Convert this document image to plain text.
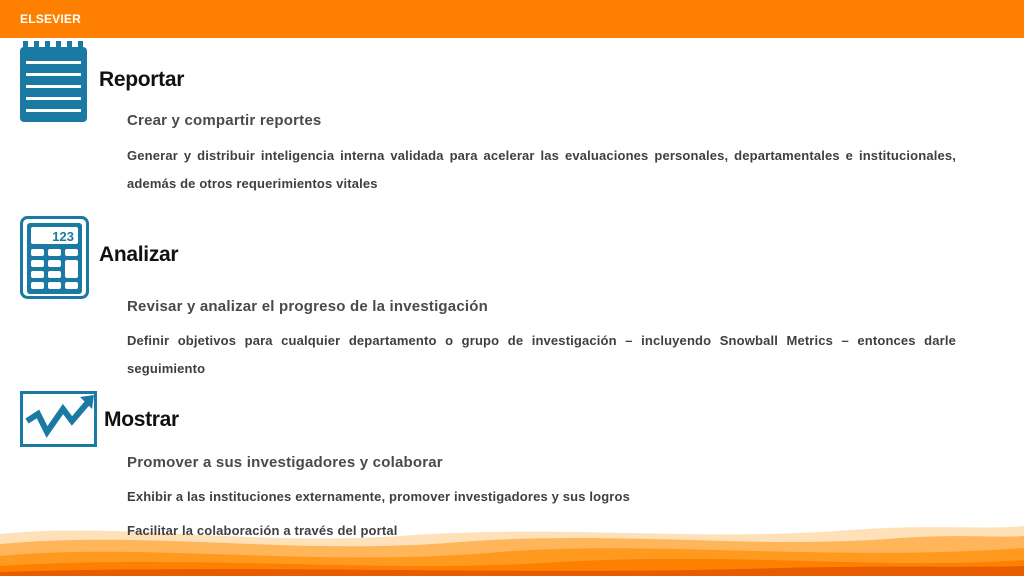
ELSEVIER
Reportar
Crear y compartir reportes
Generar y distribuir inteligencia interna validada para acelerar las evaluaciones personales, departamentales e institucionales, además de otros requerimientos vitales
123
Analizar
Revisar y analizar el progreso de la investigación
Definir objetivos para cualquier departamento o grupo de investigación – incluyendo Snowball Metrics – entonces darle seguimiento
Mostrar
Promover a sus investigadores y colaborar
Exhibir a las instituciones externamente, promover investigadores y sus logros
Facilitar la colaboración a través del portal
